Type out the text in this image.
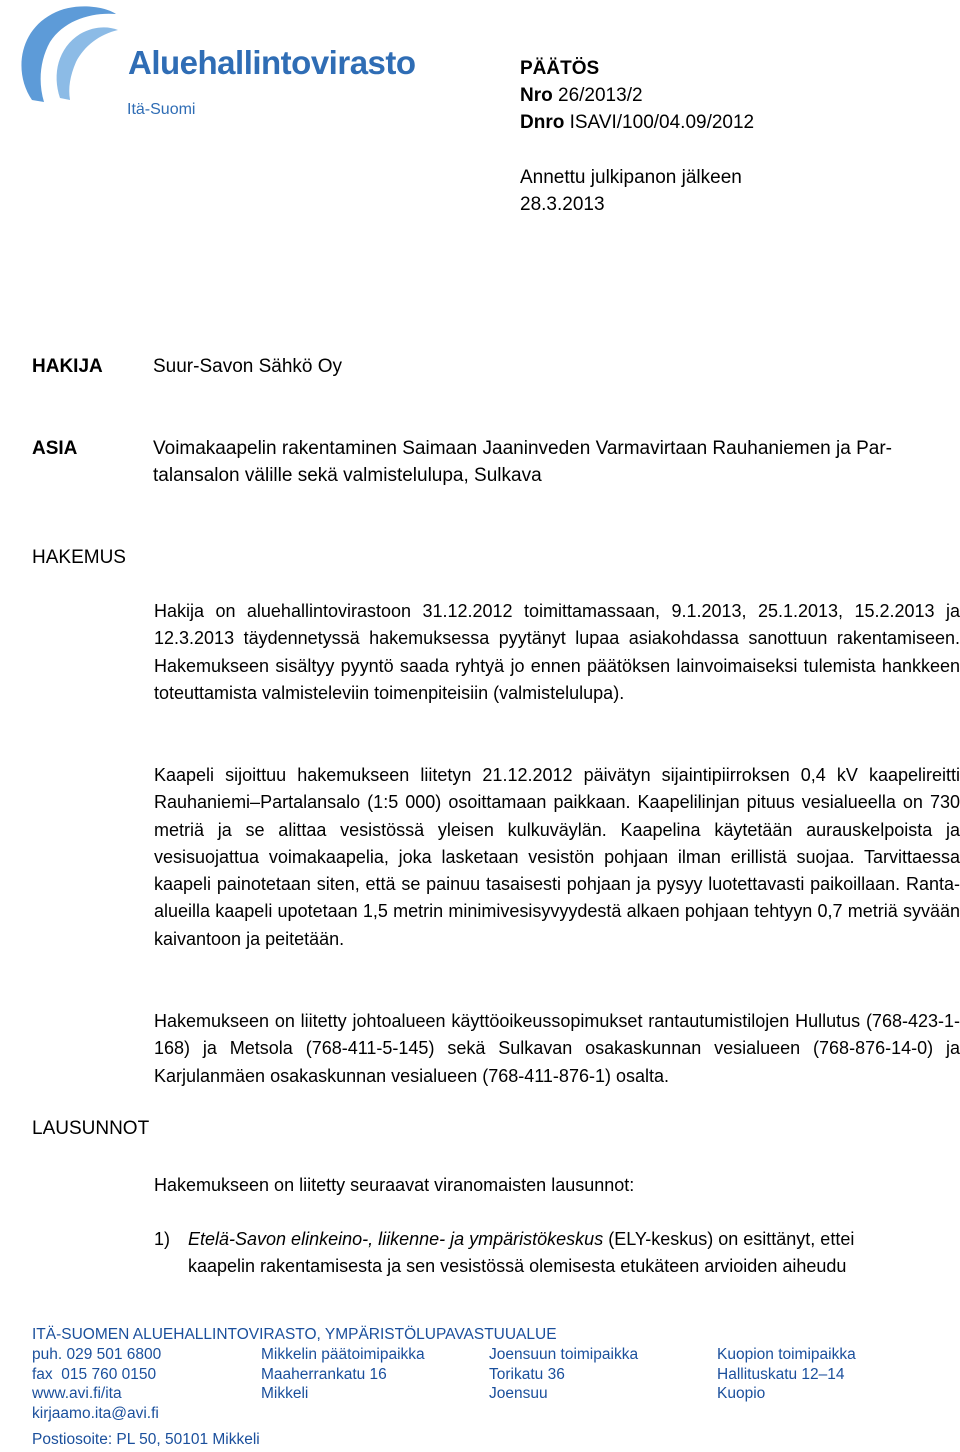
Aluehallintovirasto
Itä-Suomi
PÄÄTÖS
Nro 26/2013/2
Dnro ISAVI/100/04.09/2012
Annettu julkipanon jälkeen
28.3.2013
HAKIJA	Suur-Savon Sähkö Oy
ASIA	Voimakaapelin rakentaminen Saimaan Jaaninveden Varmavirtaan Rauhaniemen ja Par-
talansalon välille sekä valmistelulupa, Sulkava
HAKEMUS
Hakija on aluehallintovirastoon 31.12.2012 toimittamassaan, 9.1.2013, 25.1.2013, 15.2.2013 ja 12.3.2013 täydennetyssä hakemuksessa pyytänyt lupaa asiakohdassa sanottuun rakentamiseen. Hakemukseen sisältyy pyyntö saada ryhtyä jo ennen päätöksen lainvoimaiseksi tulemista hankkeen toteuttamista valmisteleviin toimenpiteisiin (valmistelulupa).
Kaapeli sijoittuu hakemukseen liitetyn 21.12.2012 päivätyn sijaintipiirroksen 0,4 kV kaapelireitti Rauhaniemi–Partalansalo (1:5 000) osoittamaan paikkaan. Kaapelilinjan pituus vesialueella on 730 metriä ja se alittaa vesistössä yleisen kulkuväylän. Kaapelina käytetään aurauskelpoista ja vesisuojattua voimakaapelia, joka lasketaan vesistön pohjaan ilman erillistä suojaa. Tarvittaessa kaapeli painotetaan siten, että se painuu tasaisesti pohjaan ja pysyy luotettavasti paikoillaan. Ranta-alueilla kaapeli upotetaan 1,5 metrin minimivesisyvyydestä alkaen pohjaan tehtyyn 0,7 metriä syvään kaivantoon ja peitetään.
Hakemukseen on liitetty johtoalueen käyttöoikeussopimukset rantautumistilojen Hullutus (768-423-1-168) ja Metsola (768-411-5-145) sekä Sulkavan osakaskunnan vesialueen (768-876-14-0) ja Karjulanmäen osakaskunnan vesialueen (768-411-876-1) osalta.
LAUSUNNOT
Hakemukseen on liitetty seuraavat viranomaisten lausunnot:
1) Etelä-Savon elinkeino-, liikenne- ja ympäristökeskus (ELY-keskus) on esittänyt, ettei
kaapelin rakentamisesta ja sen vesistössä olemisesta etukäteen arvioiden aiheudu
ITÄ-SUOMEN ALUEHALLINTOVIRASTO, YMPÄRISTÖLUPAVASTUUALUE
puh. 029 501 6800
fax  015 760 0150
www.avi.fi/ita
kirjaamo.ita@avi.fi
Mikkelin päätoimipaikka
Maaherrankatu 16
Mikkeli
Joensuun toimipaikka
Torikatu 36
Joensuu
Kuopion toimipaikka
Hallituskatu 12–14
Kuopio
Postiosoite: PL 50, 50101 Mikkeli
